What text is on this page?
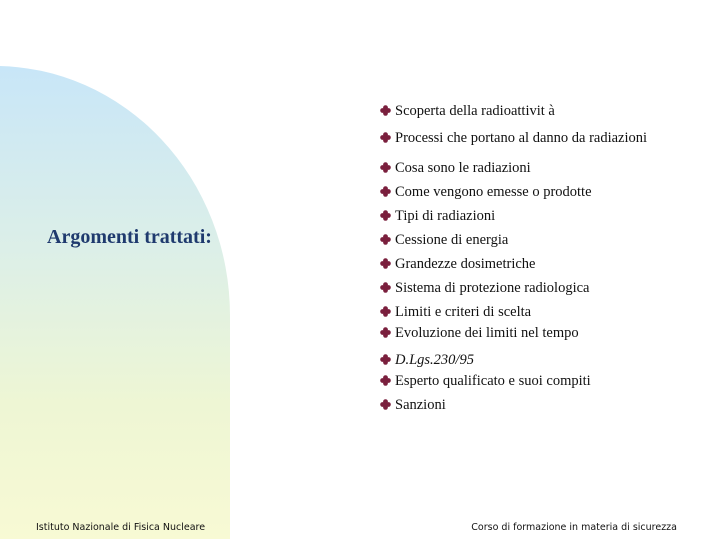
Argomenti trattati:
Scoperta della radioattivit à
Processi che portano al danno da radiazioni
Cosa sono le radiazioni
Come vengono emesse o prodotte
Tipi di radiazioni
Cessione di energia
Grandezze dosimetriche
Sistema di protezione radiologica
Limiti e criteri di scelta
Evoluzione dei limiti nel tempo
D.Lgs.230/95
Esperto qualificato e suoi compiti
Sanzioni
Istituto Nazionale di Fisica Nucleare	Corso di formazione in materia di sicurezza
